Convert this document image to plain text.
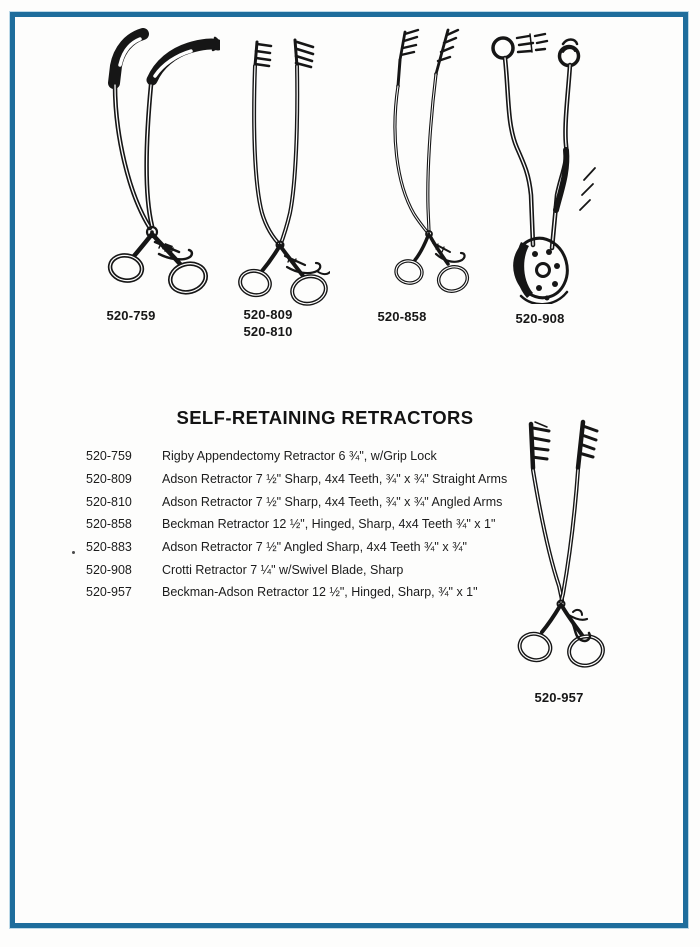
520-759	520-809
520-810
520-858	520-908
520-957
SELF-RETAINING RETRACTORS
520-759	Rigby Appendectomy Retractor 6 ¾", w/Grip Lock
520-809	Adson Retractor 7 ½" Sharp, 4x4 Teeth, ¾" x ¾" Straight Arms
520-810	Adson Retractor 7 ½" Sharp, 4x4 Teeth, ¾" x ¾" Angled Arms
520-858	Beckman Retractor 12 ½", Hinged, Sharp, 4x4 Teeth ¾" x 1"
520-883	Adson Retractor 7 ½" Angled Sharp, 4x4 Teeth ¾" x ¾"
520-908	Crotti Retractor 7 ¼" w/Swivel Blade, Sharp
520-957	Beckman-Adson Retractor 12 ½", Hinged, Sharp, ¾" x 1"
